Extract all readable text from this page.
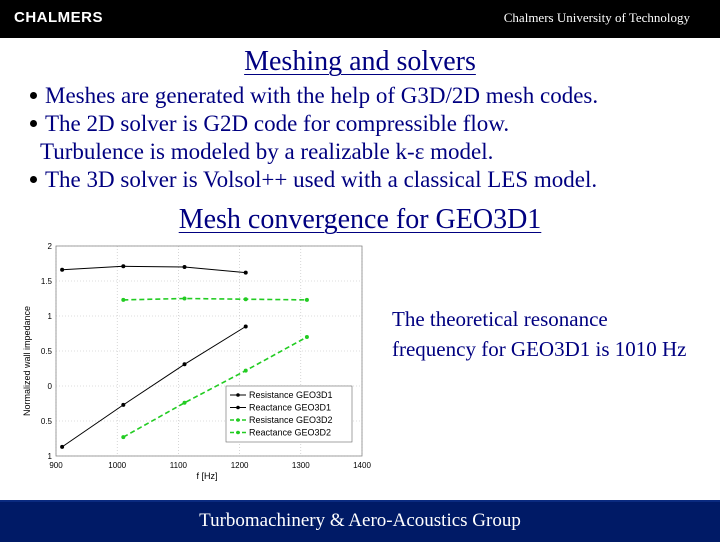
CHALMERS	Chalmers University of Technology
Meshing and solvers
Meshes are generated with the help of G3D/2D mesh codes.
The 2D solver is G2D code for compressible flow.
Turbulence is modeled by a realizable k-ε model.
The 3D solver is Volsol++ used with a classical LES model.
Mesh convergence for GEO3D1
2
1.5
1
0.5
0
0.5
1
900	1000	1100	1200	1300	1400
Resistance GEO3D1
Reactance GEO3D1
Resistance GEO3D2
Reactance GEO3D2
Normalized wall impedance
f [Hz]
The theoretical resonance frequency for GEO3D1 is 1010 Hz
Turbomachinery & Aero-Acoustics Group
